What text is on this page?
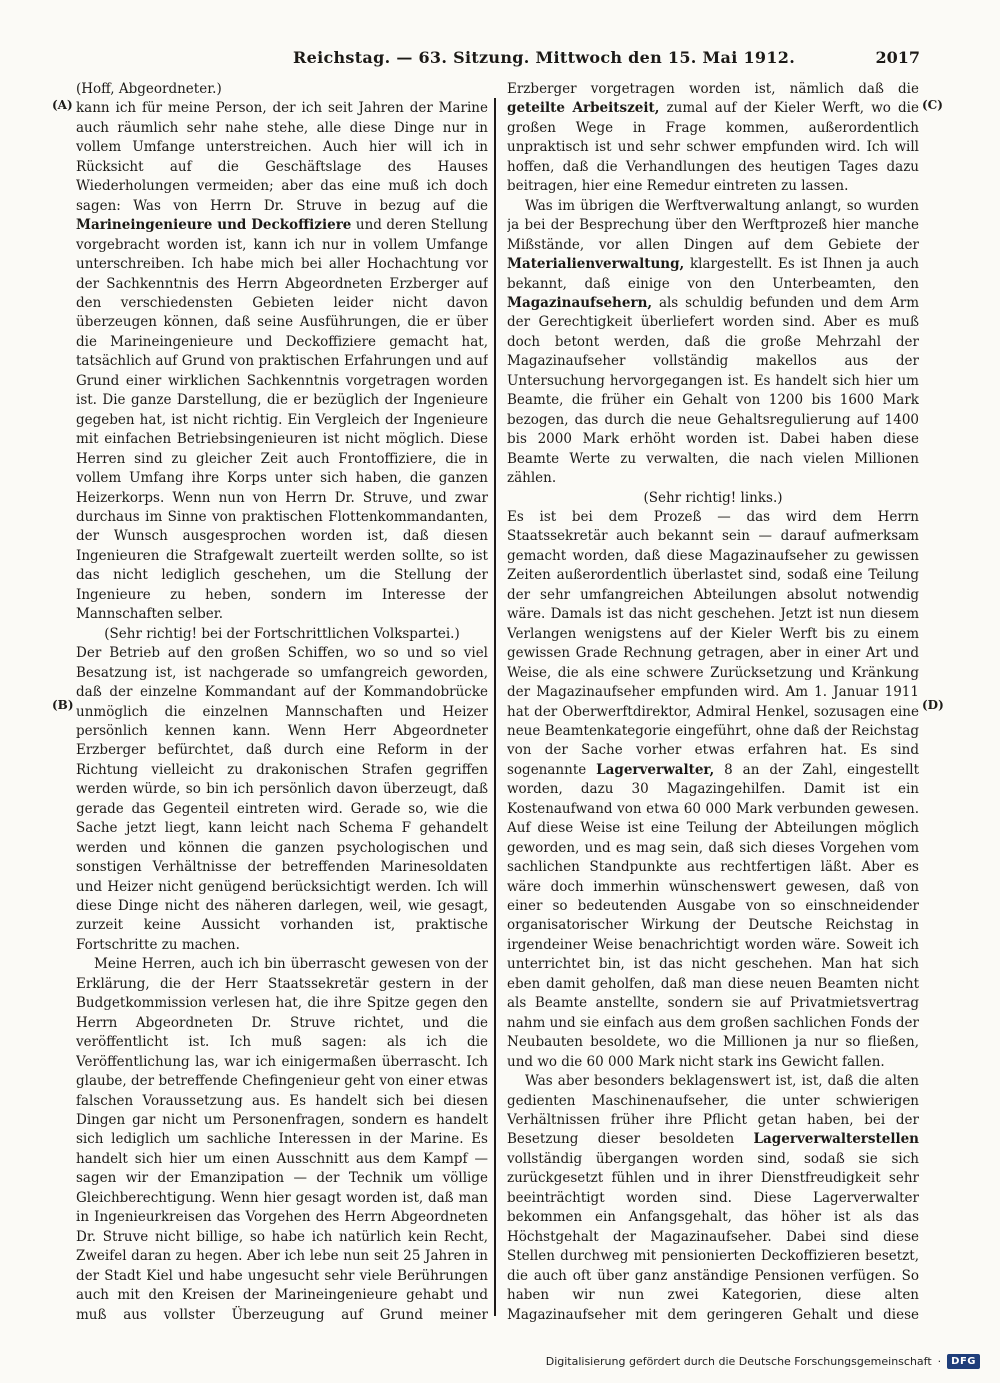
Reichstag. — 63. Sitzung. Mittwoch den 15. Mai 1912.	2017
(A)
(B)
(C)
(D)

(Hoff, Abgeordneter.)

kann ich für meine Person, der ich seit Jahren der Marine auch räumlich sehr nahe stehe, alle diese Dinge nur in vollem Umfange unterstreichen. Auch hier will ich in Rücksicht auf die Geschäftslage des Hauses Wiederholungen vermeiden; aber das eine muß ich doch sagen: Was von Herrn Dr. Struve in bezug auf die Marineingenieure und Deckoffiziere und deren Stellung vorgebracht worden ist, kann ich nur in vollem Umfange unterschreiben. Ich habe mich bei aller Hochachtung vor der Sachkenntnis des Herrn Abgeordneten Erzberger auf den verschiedensten Gebieten leider nicht davon überzeugen können, daß seine Ausführungen, die er über die Marineingenieure und Deckoffiziere gemacht hat, tatsächlich auf Grund von praktischen Erfahrungen und auf Grund einer wirklichen Sachkenntnis vorgetragen worden ist. Die ganze Darstellung, die er bezüglich der Ingenieure gegeben hat, ist nicht richtig. Ein Vergleich der Ingenieure mit einfachen Betriebsingenieuren ist nicht möglich. Diese Herren sind zu gleicher Zeit auch Frontoffiziere, die in vollem Umfang ihre Korps unter sich haben, die ganzen Heizerkorps. Wenn nun von Herrn Dr. Struve, und zwar durchaus im Sinne von praktischen Flottenkommandanten, der Wunsch ausgesprochen worden ist, daß diesen Ingenieuren die Strafgewalt zuerteilt werden sollte, so ist das nicht lediglich geschehen, um die Stellung der Ingenieure zu heben, sondern im Interesse der Mannschaften selber.

(Sehr richtig! bei der Fortschrittlichen Volkspartei.)

Der Betrieb auf den großen Schiffen, wo so und so viel Besatzung ist, ist nachgerade so umfangreich geworden, daß der einzelne Kommandant auf der Kommandobrücke unmöglich die einzelnen Mannschaften und Heizer persönlich kennen kann. Wenn Herr Abgeordneter Erzberger befürchtet, daß durch eine Reform in der Richtung vielleicht zu drakonischen Strafen gegriffen werden würde, so bin ich persönlich davon überzeugt, daß gerade das Gegenteil eintreten wird. Gerade so, wie die Sache jetzt liegt, kann leicht nach Schema F gehandelt werden und können die ganzen psychologischen und sonstigen Verhältnisse der betreffenden Marinesoldaten und Heizer nicht genügend berücksichtigt werden. Ich will diese Dinge nicht des näheren darlegen, weil, wie gesagt, zurzeit keine Aussicht vorhanden ist, praktische Fortschritte zu machen.

Meine Herren, auch ich bin überrascht gewesen von der Erklärung, die der Herr Staatssekretär gestern in der Budgetkommission verlesen hat, die ihre Spitze gegen den Herrn Abgeordneten Dr. Struve richtet, und die veröffentlicht ist. Ich muß sagen: als ich die Veröffentlichung las, war ich einigermaßen überrascht. Ich glaube, der betreffende Chefingenieur geht von einer etwas falschen Voraussetzung aus. Es handelt sich bei diesen Dingen gar nicht um Personenfragen, sondern es handelt sich lediglich um sachliche Interessen in der Marine. Es handelt sich hier um einen Ausschnitt aus dem Kampf — sagen wir der Emanzipation — der Technik um völlige Gleichberechtigung. Wenn hier gesagt worden ist, daß man in Ingenieurkreisen das Vorgehen des Herrn Abgeordneten Dr. Struve nicht billige, so habe ich natürlich kein Recht, Zweifel daran zu hegen. Aber ich lebe nun seit 25 Jahren in der Stadt Kiel und habe ungesucht sehr viele Berührungen auch mit den Kreisen der Marineingenieure gehabt und muß aus vollster Überzeugung auf Grund meiner

Erzberger vorgetragen worden ist, nämlich daß die geteilte Arbeitszeit, zumal auf der Kieler Werft, wo die großen Wege in Frage kommen, außerordentlich unpraktisch ist und sehr schwer empfunden wird. Ich will hoffen, daß die Verhandlungen des heutigen Tages dazu beitragen, hier eine Remedur eintreten zu lassen.

Was im übrigen die Werftverwaltung anlangt, so wurden ja bei der Besprechung über den Werftprozeß hier manche Mißstände, vor allen Dingen auf dem Gebiete der Materialienverwaltung, klargestellt. Es ist Ihnen ja auch bekannt, daß einige von den Unterbeamten, den Magazinaufsehern, als schuldig befunden und dem Arm der Gerechtigkeit überliefert worden sind. Aber es muß doch betont werden, daß die große Mehrzahl der Magazinaufseher vollständig makellos aus der Untersuchung hervorgegangen ist. Es handelt sich hier um Beamte, die früher ein Gehalt von 1200 bis 1600 Mark bezogen, das durch die neue Gehaltsregulierung auf 1400 bis 2000 Mark erhöht worden ist. Dabei haben diese Beamte Werte zu verwalten, die nach vielen Millionen zählen.

(Sehr richtig! links.)

Es ist bei dem Prozeß — das wird dem Herrn Staatssekretär auch bekannt sein — darauf aufmerksam gemacht worden, daß diese Magazinaufseher zu gewissen Zeiten außerordentlich überlastet sind, sodaß eine Teilung der sehr umfangreichen Abteilungen absolut notwendig wäre. Damals ist das nicht geschehen. Jetzt ist nun diesem Verlangen wenigstens auf der Kieler Werft bis zu einem gewissen Grade Rechnung getragen, aber in einer Art und Weise, die als eine schwere Zurücksetzung und Kränkung der Magazinaufseher empfunden wird. Am 1. Januar 1911 hat der Oberwerftdirektor, Admiral Henkel, sozusagen eine neue Beamtenkategorie eingeführt, ohne daß der Reichstag von der Sache vorher etwas erfahren hat. Es sind sogenannte Lagerverwalter, 8 an der Zahl, eingestellt worden, dazu 30 Magazingehilfen. Damit ist ein Kostenaufwand von etwa 60 000 Mark verbunden gewesen. Auf diese Weise ist eine Teilung der Abteilungen möglich geworden, und es mag sein, daß sich dieses Vorgehen vom sachlichen Standpunkte aus rechtfertigen läßt. Aber es wäre doch immerhin wünschenswert gewesen, daß von einer so bedeutenden Ausgabe von so einschneidender organisatorischer Wirkung der Deutsche Reichstag in irgendeiner Weise benachrichtigt worden wäre. Soweit ich unterrichtet bin, ist das nicht geschehen. Man hat sich eben damit geholfen, daß man diese neuen Beamten nicht als Beamte anstellte, sondern sie auf Privatmietsvertrag nahm und sie einfach aus dem großen sachlichen Fonds der Neubauten besoldete, wo die Millionen ja nur so fließen, und wo die 60 000 Mark nicht stark ins Gewicht fallen.

Was aber besonders beklagenswert ist, ist, daß die alten gedienten Maschinenaufseher, die unter schwierigen Verhältnissen früher ihre Pflicht getan haben, bei der Besetzung dieser besoldeten Lagerverwalterstellen vollständig übergangen worden sind, sodaß sie sich zurückgesetzt fühlen und in ihrer Dienstfreudigkeit sehr beeinträchtigt worden sind. Diese Lagerverwalter bekommen ein Anfangsgehalt, das höher ist als das Höchstgehalt der Magazinaufseher. Dabei sind diese Stellen durchweg mit pensionierten Deckoffizieren besetzt, die auch oft über ganz anständige Pensionen verfügen. So haben wir nun zwei Kategorien, diese alten Magazinaufseher mit dem geringeren Gehalt und diese

Digitalisierung gefördert durch die Deutsche Forschungsgemeinschaft ·	DFG
